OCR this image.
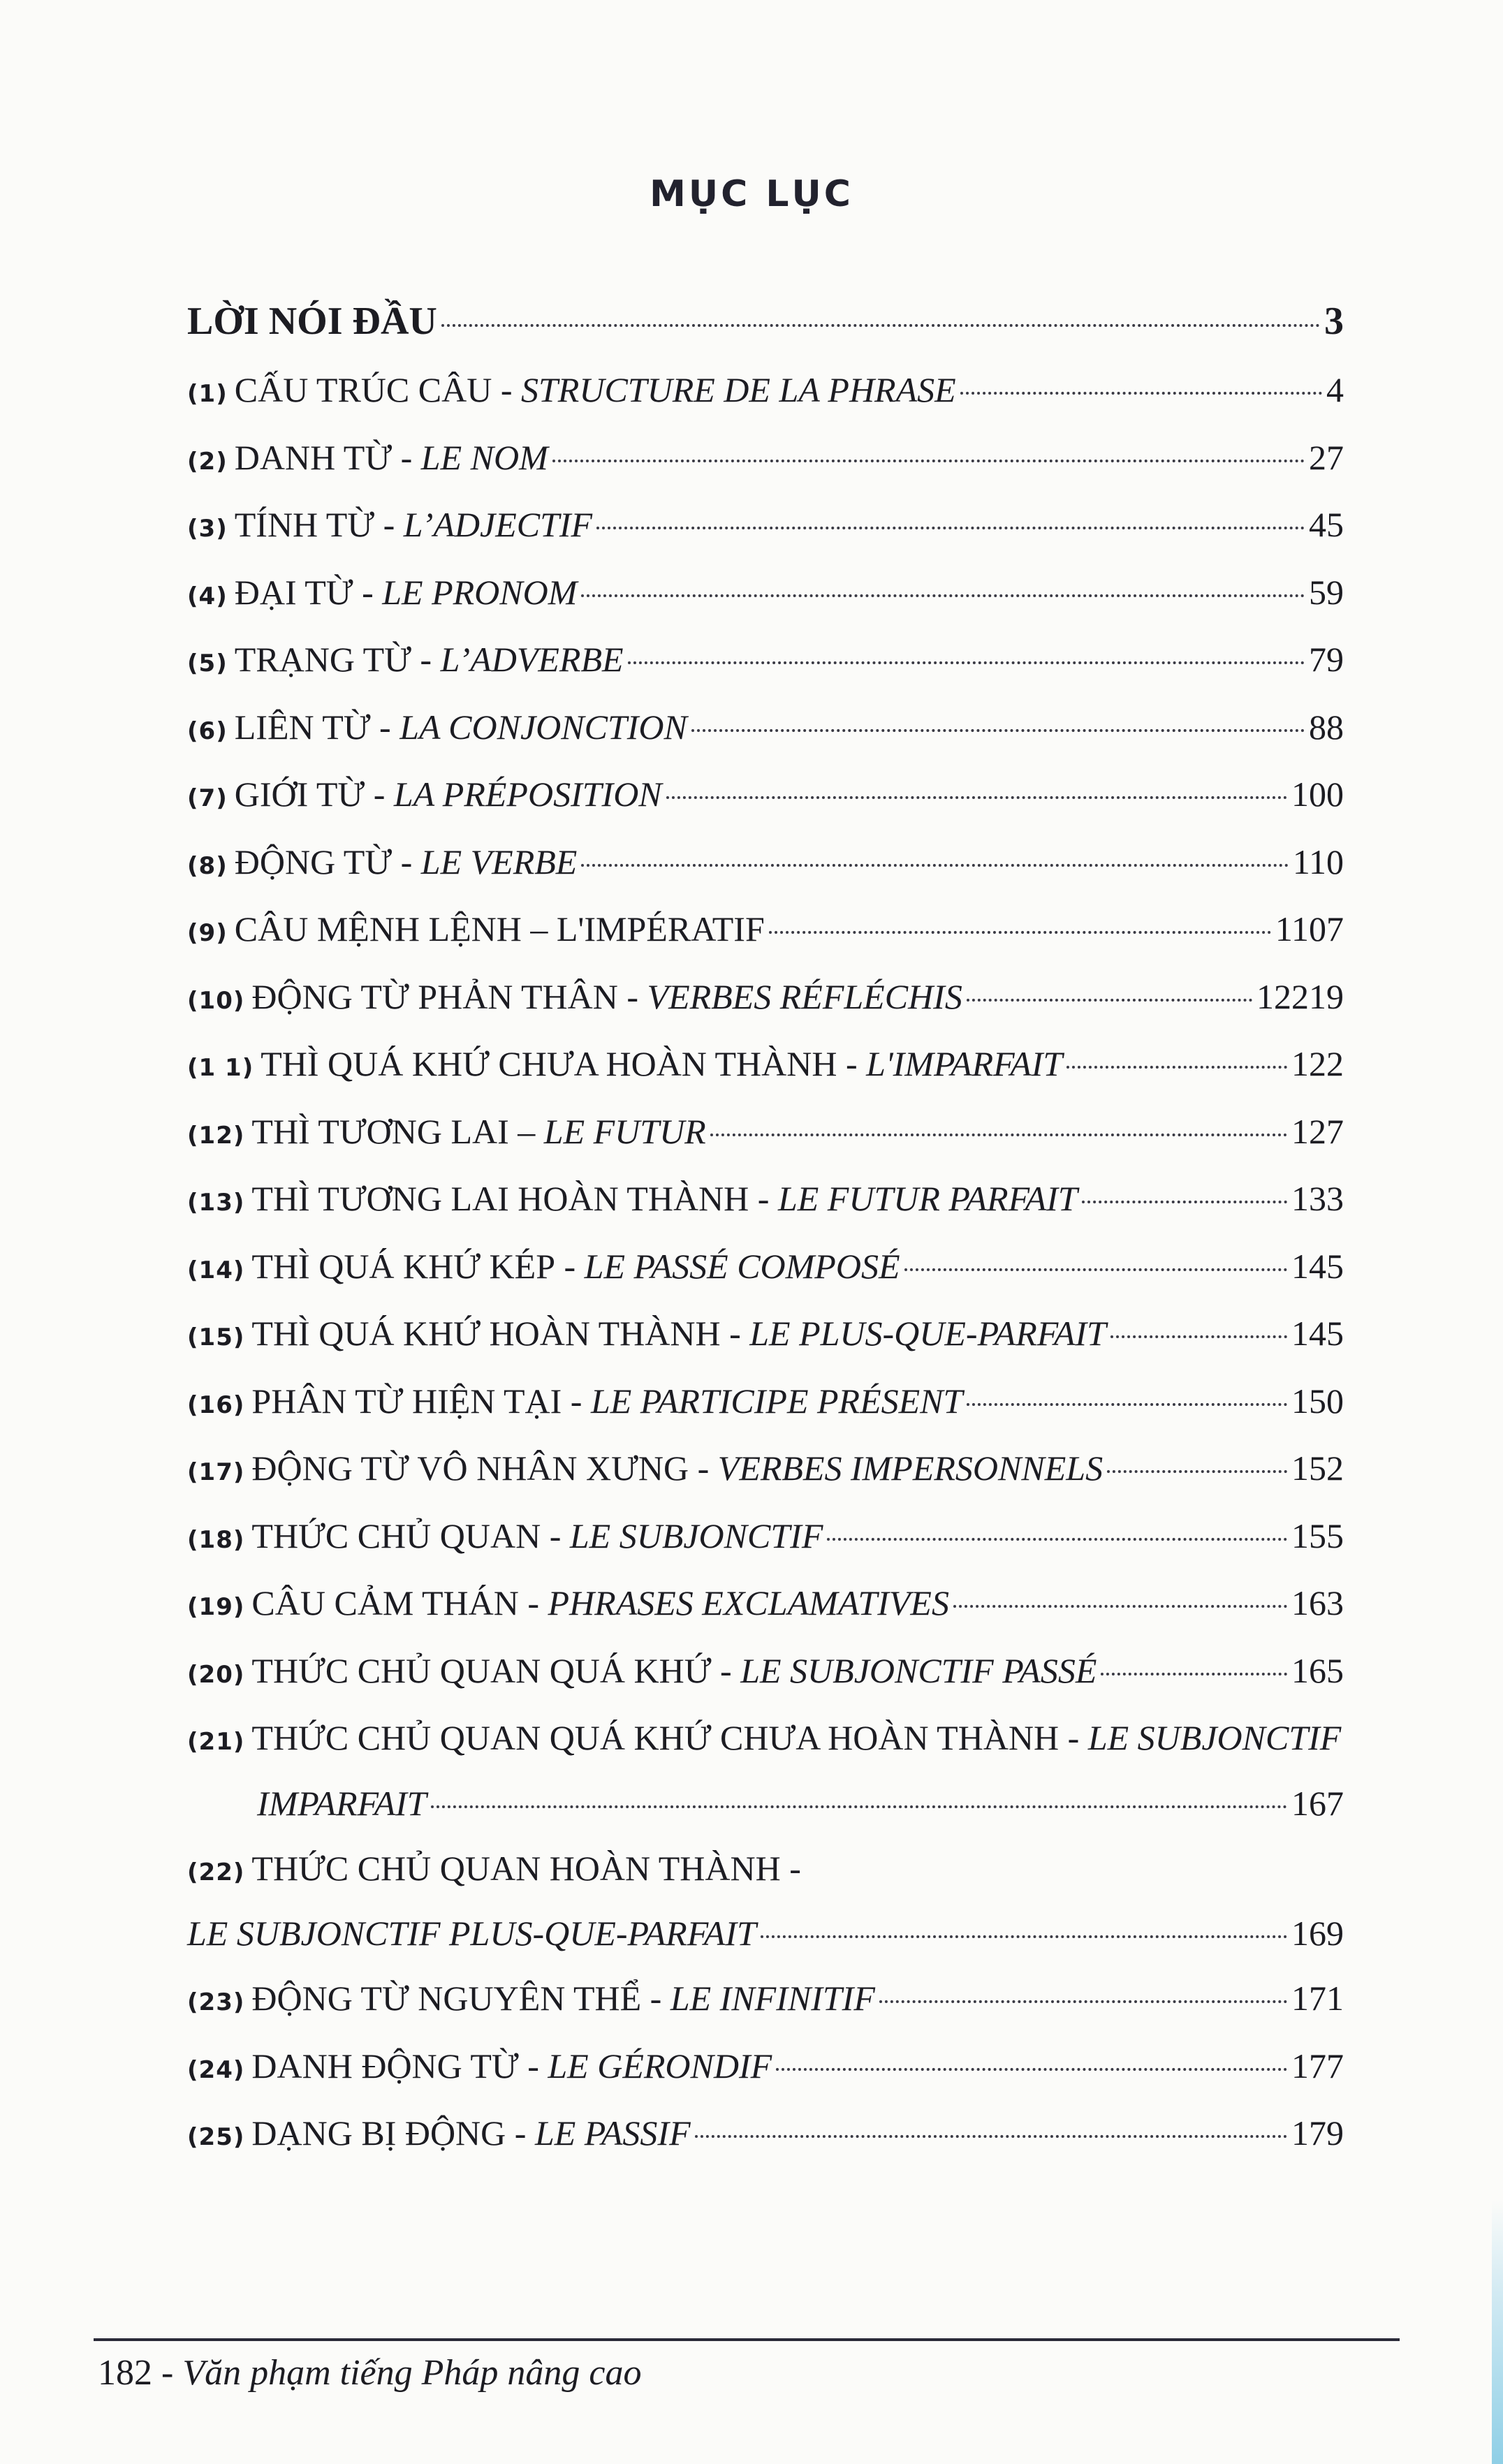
MỤC LỤC
LỜI NÓI ĐẦU	3
(1) CẤU TRÚC CÂU - STRUCTURE DE LA PHRASE	4
(2) DANH TỪ - LE NOM	27
(3) TÍNH TỪ - L’ADJECTIF	45
(4) ĐẠI TỪ - LE PRONOM	59
(5) TRẠNG TỪ - L’ADVERBE	79
(6) LIÊN TỪ - LA CONJONCTION	88
(7) GIỚI TỪ - LA PRÉPOSITION	100
(8) ĐỘNG TỪ - LE VERBE	110
(9) CÂU MỆNH LỆNH – L'IMPÉRATIF	1107
(10) ĐỘNG TỪ PHẢN THÂN - VERBES RÉFLÉCHIS	12219
(1 1) THÌ QUÁ KHỨ CHƯA HOÀN THÀNH - L'IMPARFAIT	122
(12) THÌ TƯƠNG LAI – LE FUTUR	127
(13) THÌ TƯƠNG LAI HOÀN THÀNH - LE FUTUR PARFAIT	133
(14) THÌ QUÁ KHỨ KÉP - LE PASSÉ COMPOSÉ	145
(15) THÌ QUÁ KHỨ HOÀN THÀNH - LE PLUS-QUE-PARFAIT	145
(16) PHÂN TỪ HIỆN TẠI - LE PARTICIPE PRÉSENT	150
(17) ĐỘNG TỪ VÔ NHÂN XƯNG - VERBES IMPERSONNELS	152
(18) THỨC CHỦ QUAN - LE SUBJONCTIF	155
(19) CÂU CẢM THÁN - PHRASES EXCLAMATIVES	163
(20) THỨC CHỦ QUAN QUÁ KHỨ - LE SUBJONCTIF PASSÉ	165
(21) THỨC CHỦ QUAN QUÁ KHỨ CHƯA HOÀN THÀNH - LE SUBJONCTIF
IMPARFAIT	167
(22) THỨC CHỦ QUAN HOÀN THÀNH -
LE SUBJONCTIF PLUS-QUE-PARFAIT	169
(23) ĐỘNG TỪ NGUYÊN THỂ - LE INFINITIF	171
(24) DANH ĐỘNG TỪ - LE GÉRONDIF	177
(25) DẠNG BỊ ĐỘNG - LE PASSIF	179
182 - Văn phạm tiếng Pháp nâng cao
